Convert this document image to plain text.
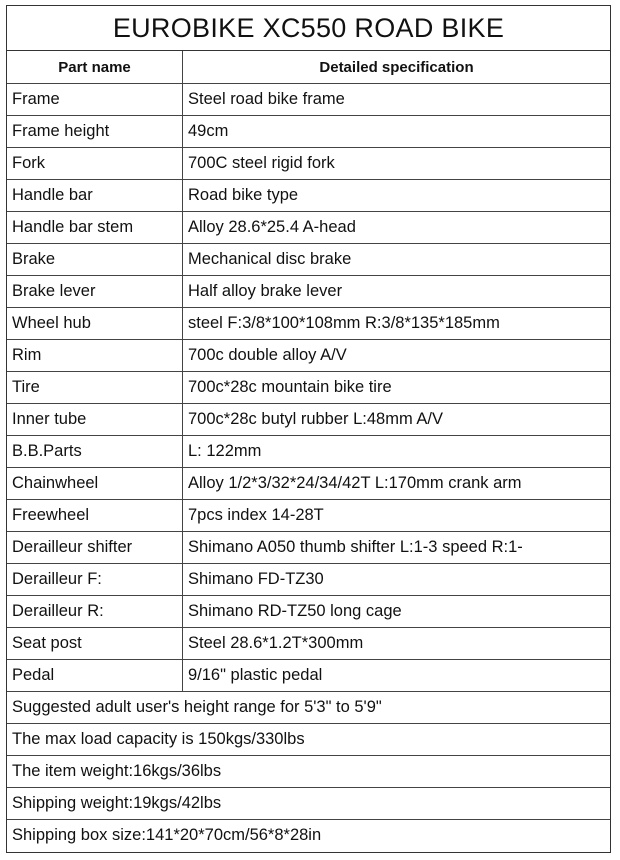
EUROBIKE XC550 ROAD BIKE
Part name	Detailed specification
Frame	Steel road bike frame
Frame height	49cm
Fork	700C steel rigid fork
Handle bar	Road bike type
Handle bar stem	Alloy 28.6*25.4 A-head
Brake	Mechanical disc brake
Brake lever	Half alloy brake lever
Wheel hub	steel F:3/8*100*108mm R:3/8*135*185mm
Rim	700c double alloy A/V
Tire	700c*28c mountain bike tire
Inner tube	700c*28c butyl rubber L:48mm A/V
B.B.Parts	L: 122mm
Chainwheel	Alloy 1/2*3/32*24/34/42T L:170mm crank arm
Freewheel	7pcs index 14-28T
Derailleur shifter	Shimano A050 thumb shifter L:1-3 speed R:1-
Derailleur F:	Shimano FD-TZ30
Derailleur R:	Shimano RD-TZ50 long cage
Seat post	Steel 28.6*1.2T*300mm
Pedal	9/16" plastic pedal
Suggested adult user's height range for 5'3" to 5'9"
The max load capacity is 150kgs/330lbs
The item weight:16kgs/36lbs
Shipping weight:19kgs/42lbs
Shipping box size:141*20*70cm/56*8*28in
